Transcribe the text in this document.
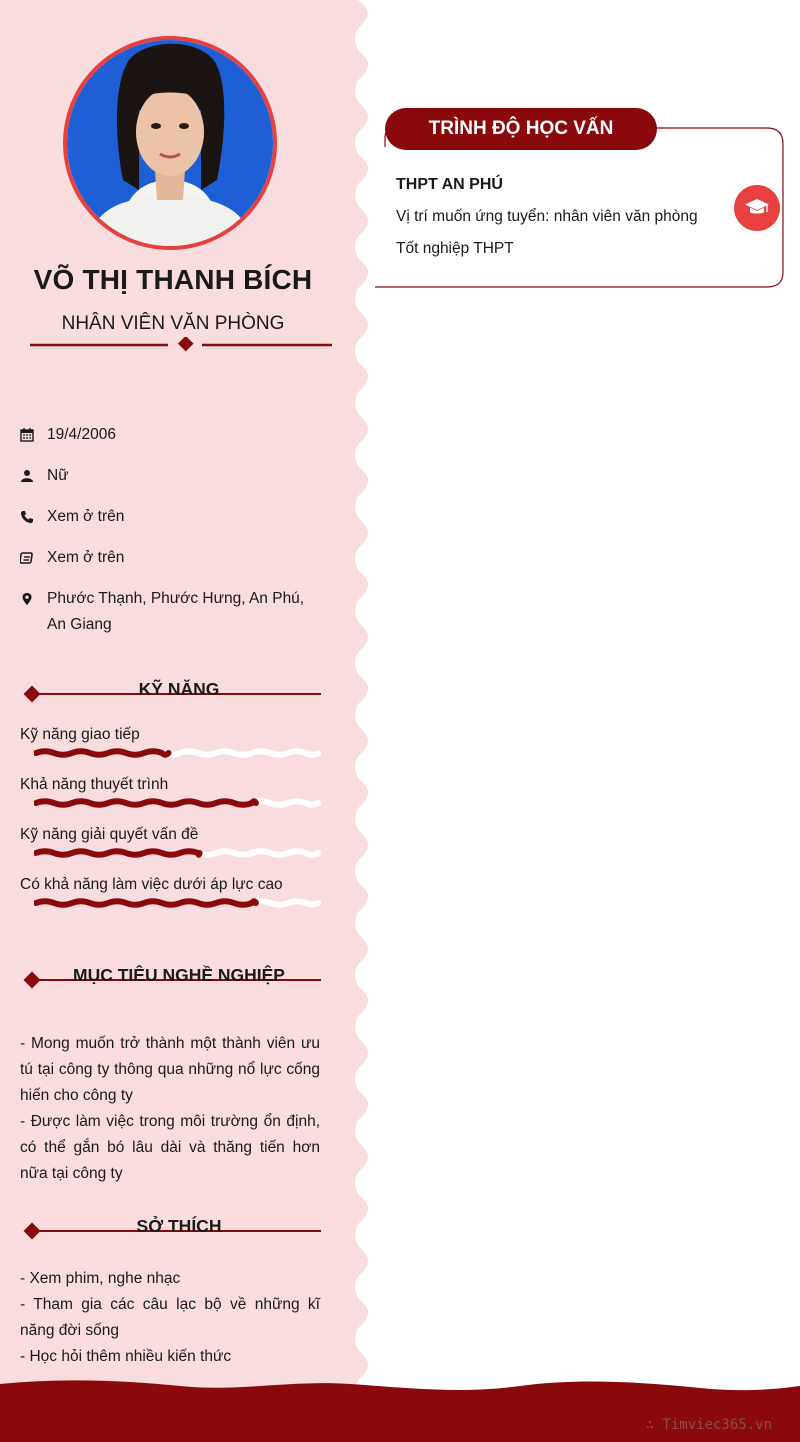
VÕ THỊ THANH BÍCH
NHÂN VIÊN VĂN PHÒNG
19/4/2006
Nữ
Xem ở trên
Xem ở trên
Phước Thạnh, Phước Hưng, An Phú, An Giang
KỸ NĂNG
Kỹ năng giao tiếp
Khả năng thuyết trình
Kỹ năng giải quyết vấn đề
Có khả năng làm việc dưới áp lực cao
MỤC TIÊU NGHỀ NGHIỆP
- Mong muốn trở thành một thành viên ưu tú tại công ty thông qua những nổ lực cống hiến cho công ty
- Được làm việc trong môi trường ổn định, có thể gắn bó lâu dài và thăng tiến hơn nữa tại công ty
SỞ THÍCH
- Xem phim, nghe nhạc
- Tham gia các câu lạc bộ về những kĩ năng đời sống
- Học hỏi thêm nhiều kiến thức
TRÌNH ĐỘ HỌC VẤN
THPT AN PHÚ
Vị trí muốn ứng tuyển: nhân viên văn phòng
Tốt nghiệp THPT
∴ Timviec365.vn
